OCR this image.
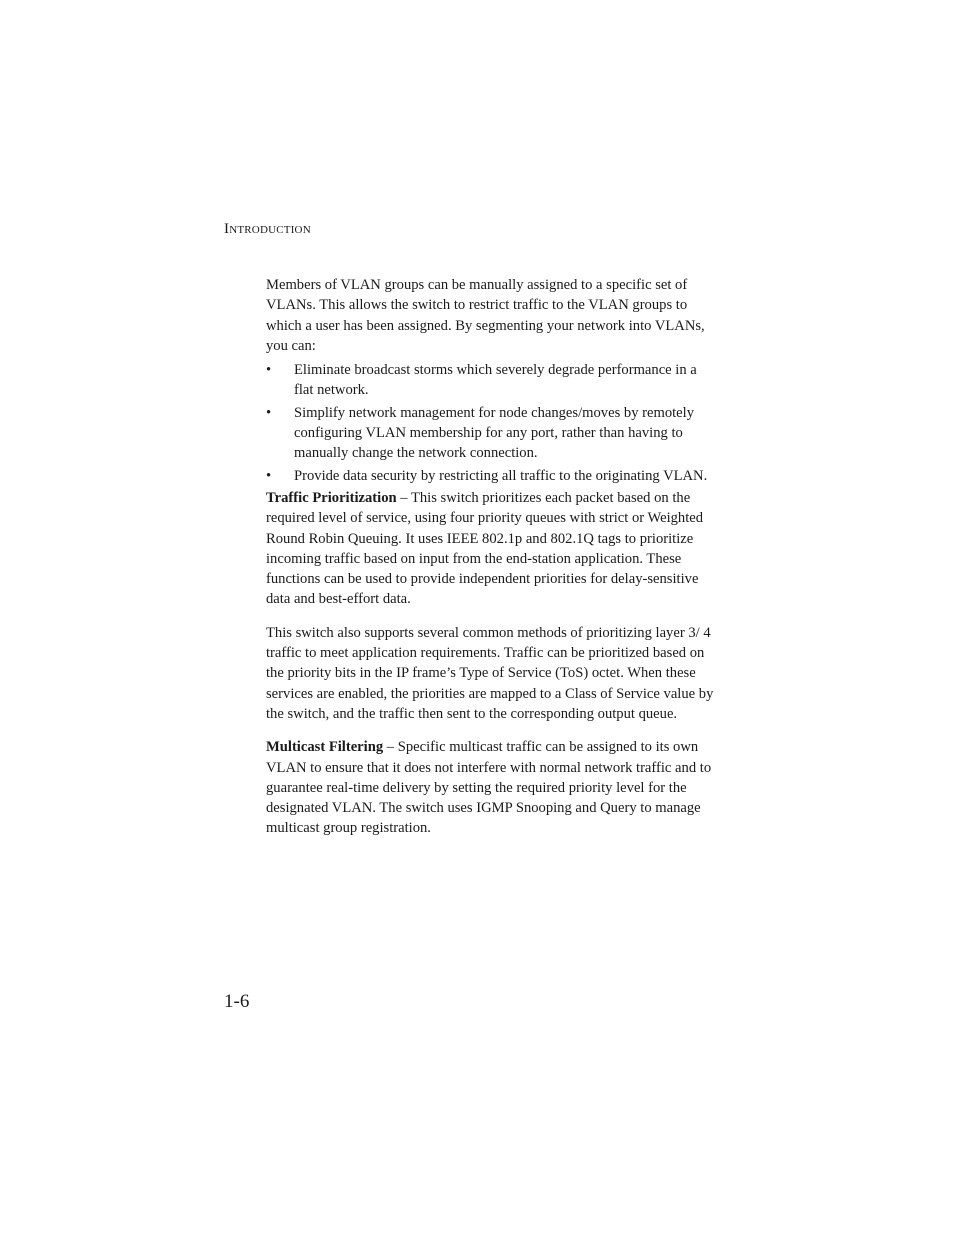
INTRODUCTION

Members of VLAN groups can be manually assigned to a specific set of VLANs. This allows the switch to restrict traffic to the VLAN groups to which a user has been assigned. By segmenting your network into VLANs, you can:

• Eliminate broadcast storms which severely degrade performance in a flat network.
• Simplify network management for node changes/moves by remotely configuring VLAN membership for any port, rather than having to manually change the network connection.
• Provide data security by restricting all traffic to the originating VLAN.

Traffic Prioritization – This switch prioritizes each packet based on the required level of service, using four priority queues with strict or Weighted Round Robin Queuing. It uses IEEE 802.1p and 802.1Q tags to prioritize incoming traffic based on input from the end-station application. These functions can be used to provide independent priorities for delay-sensitive data and best-effort data.

This switch also supports several common methods of prioritizing layer 3/ 4 traffic to meet application requirements. Traffic can be prioritized based on the priority bits in the IP frame’s Type of Service (ToS) octet. When these services are enabled, the priorities are mapped to a Class of Service value by the switch, and the traffic then sent to the corresponding output queue.

Multicast Filtering – Specific multicast traffic can be assigned to its own VLAN to ensure that it does not interfere with normal network traffic and to guarantee real-time delivery by setting the required priority level for the designated VLAN. The switch uses IGMP Snooping and Query to manage multicast group registration.

1-6
